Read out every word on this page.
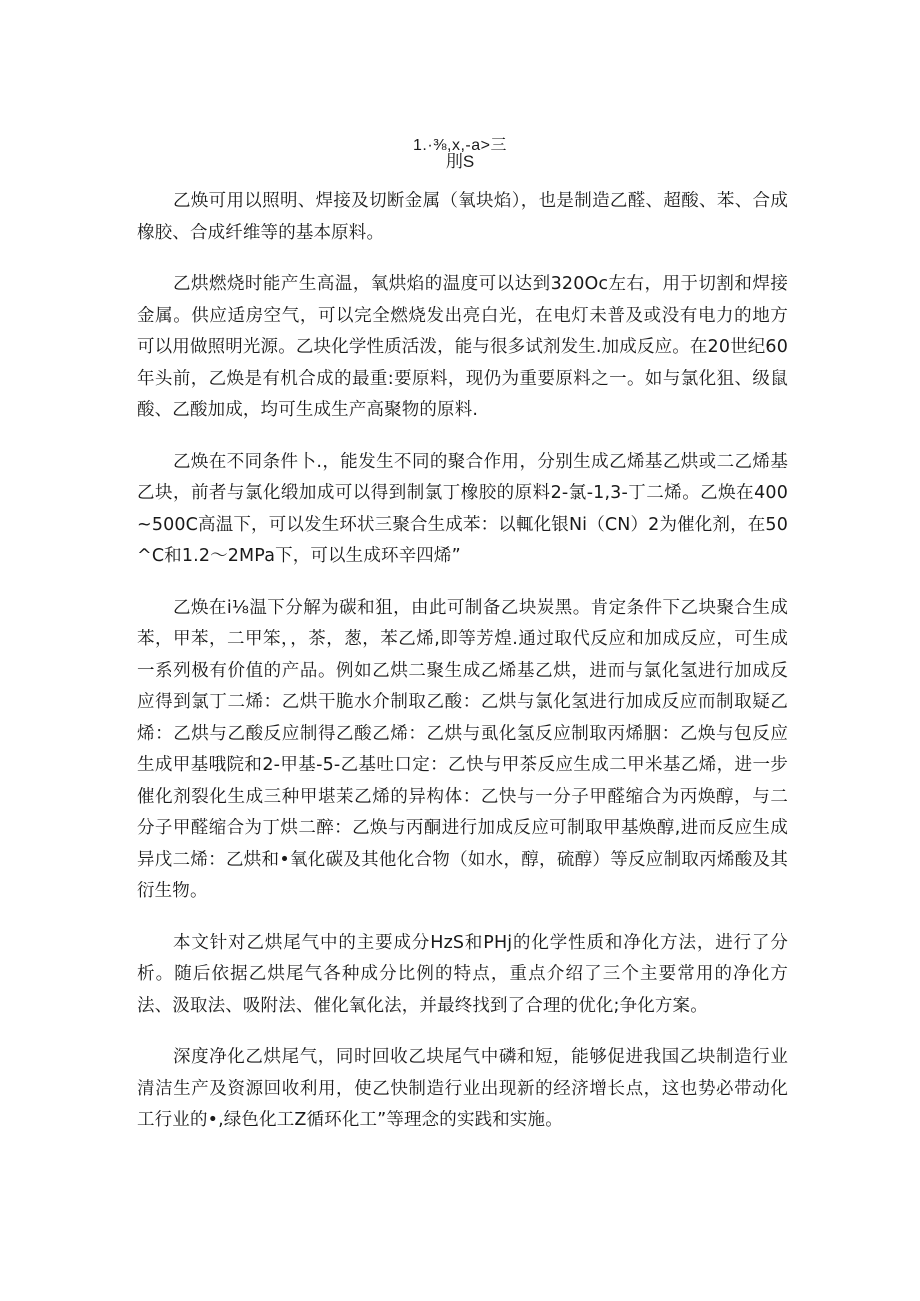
1.·⅜,x,-a>三
刖S

乙焕可用以照明、焊接及切断金属（氧块焰），也是制造乙醛、超酸、苯、合成橡胶、合成纤维等的基本原料。

乙烘燃烧时能产生高温，氧烘焰的温度可以达到320Oc左右，用于切割和焊接金属。供应适房空气，可以完全燃烧发出亮白光，在电灯未普及或没有电力的地方可以用做照明光源。乙块化学性质活泼，能与很多试剂发生.加成反应。在20世纪60年头前，乙焕是有机合成的最重:要原料，现仍为重要原料之一。如与氯化狙、级鼠酸、乙酸加成，均可生成生产高聚物的原料.

乙焕在不同条件卜.，能发生不同的聚合作用，分别生成乙烯基乙烘或二乙烯基乙块，前者与氯化缎加成可以得到制氯丁橡胶的原料2-氯-1,3-丁二烯。乙焕在400~500C高温下，可以发生环状三聚合生成苯：以輒化银Ni（CN）2为催化剂，在50^C和1.2〜2MPa下，可以生成环辛四烯”

乙焕在i⅛温下分解为碳和狙，由此可制备乙块炭黑。肯定条件下乙块聚合生成苯，甲苯，二甲笨，，茶，葱，苯乙烯,即等芳煌.通过取代反应和加成反应，可生成一系列极有价值的产品。例如乙烘二聚生成乙烯基乙烘，进而与氯化氢进行加成反应得到氯丁二烯：乙烘干脆水介制取乙酸：乙烘与氯化氢进行加成反应而制取疑乙烯：乙烘与乙酸反应制得乙酸乙烯：乙烘与虱化氢反应制取丙烯胭：乙焕与包反应生成甲基哦院和2-甲基-5-乙基吐口定：乙快与甲茶反应生成二甲米基乙烯，进一步催化剂裂化生成三种甲堪茉乙烯的异构体：乙快与一分子甲醛缩合为丙焕醇，与二分子甲醛缩合为丁烘二醉：乙焕与丙酮进行加成反应可制取甲基焕醇,进而反应生成异戊二烯：乙烘和•氧化碳及其他化合物（如水，醇，硫醇）等反应制取丙烯酸及其衍生物。

本文针对乙烘尾气中的主要成分HzS和PHj的化学性质和净化方法，进行了分析。随后依据乙烘尾气各种成分比例的特点，重点介绍了三个主要常用的净化方法、汲取法、吸附法、催化氧化法，并最终找到了合理的优化;争化方案。

深度净化乙烘尾气，同时回收乙块尾气中磷和短，能够促进我国乙块制造行业清洁生产及资源回收利用，使乙快制造行业出现新的经济增长点，这也势必带动化工行业的•,绿色化工Z循环化工”等理念的实践和实施。
